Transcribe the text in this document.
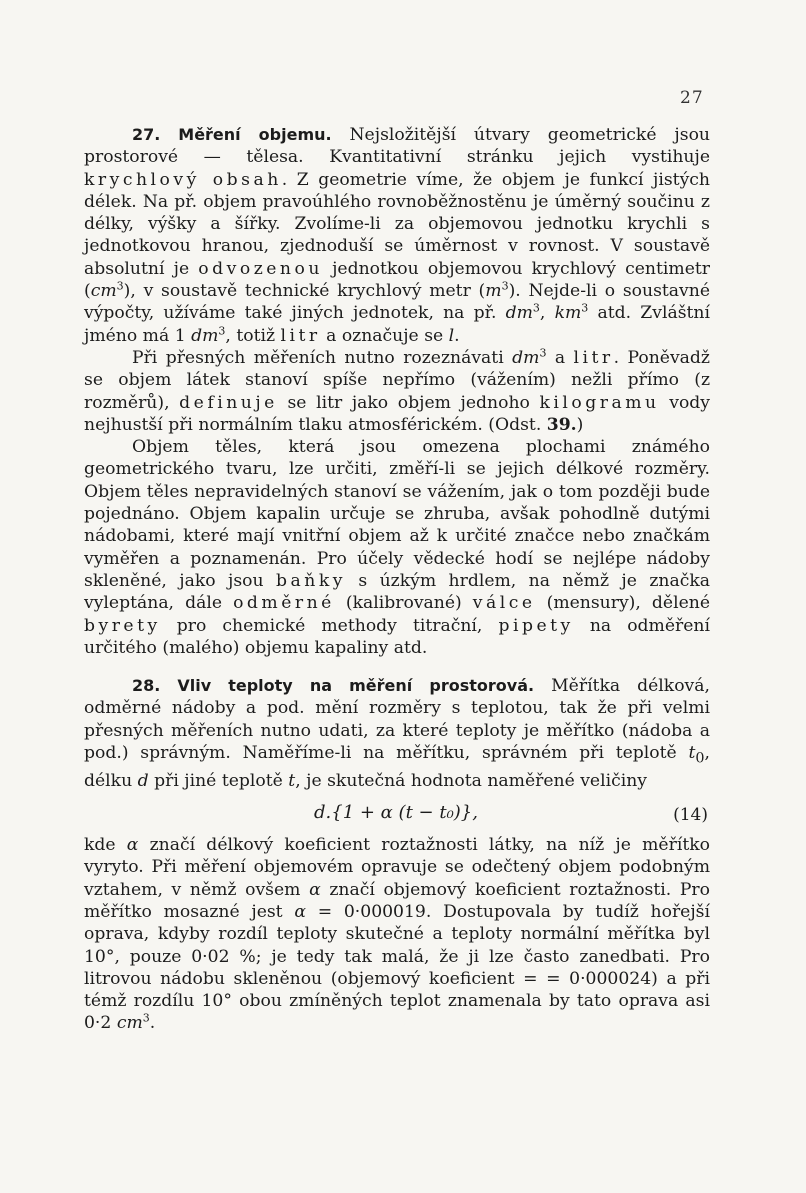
27

27. Měření objemu. Nejsložitější útvary geometrické jsou prostorové — tělesa. Kvantitativní stránku jejich vystihuje krychlový obsah. Z geometrie víme, že objem je funkcí jistých délek. Na př. objem pravoúhlého rovnoběžnostěnu je úměrný součinu z délky, výšky a šířky. Zvolíme-li za objemovou jednotku krychli s jednotkovou hranou, zjednoduší se úměrnost v rovnost. V soustavě absolutní je odvozenou jednotkou objemovou krychlový centimetr $(cm^3)$, v soustavě technické krychlový metr $(m^3)$. Nejde-li o soustavné výpočty, užíváme také jiných jednotek, na př. $dm^3$, $km^3$ atd. Zvláštní jméno má 1 $dm^3$, totiž litr a označuje se l.

Při přesných měřeních nutno rozeznávati $dm^3$ a litr. Poněvadž se objem látek stanoví spíše nepřímo (vážením) nežli přímo (z rozměrů), definuje se litr jako objem jednoho kilogramu vody nejhustší při normálním tlaku atmosférickém. (Odst. 39.)

Objem těles, která jsou omezena plochami známého geometrického tvaru, lze určiti, změří-li se jejich délkové rozměry. Objem těles nepravidelných stanoví se vážením, jak o tom později bude pojednáno. Objem kapalin určuje se zhruba, avšak pohodlně dutými nádobami, které mají vnitřní objem až k určité značce nebo značkám vyměřen a poznamenán. Pro účely vědecké hodí se nejlépe nádoby skleněné, jako jsou baňky s úzkým hrdlem, na němž je značka vyleptána, dále odměrné (kalibrované) válce (mensury), dělené byrety pro chemické methody titrační, pipety na odměření určitého (malého) objemu kapaliny atd.

28. Vliv teploty na měření prostorová. Měřítka délková, odměrné nádoby a pod. mění rozměry s teplotou, tak že při velmi přesných měřeních nutno udati, za které teploty je měřítko (nádoba a pod.) správným. Naměříme-li na měřítku, správném při teplotě $t_0$, délku d při jiné teplotě t, je skutečná hodnota naměřené veličiny

d.{1 + α (t − t₀)},	(14)

kde α značí délkový koeficient roztažnosti látky, na níž je měřítko vyryto. Při měření objemovém opravuje se odečtený objem podobným vztahem, v němž ovšem α značí objemový koeficient roztažnosti. Pro měřítko mosazné jest α = 0·000019. Dostupovala by tudíž hořejší oprava, kdyby rozdíl teploty skutečné a teploty normální měřítka byl 10°, pouze 0·02 %; je tedy tak malá, že ji lze často zanedbati. Pro litrovou nádobu skleněnou (objemový koeficient = = 0·000024) a při témž rozdílu 10° obou zmíněných teplot znamenala by tato oprava asi 0·2 $cm^3$.
